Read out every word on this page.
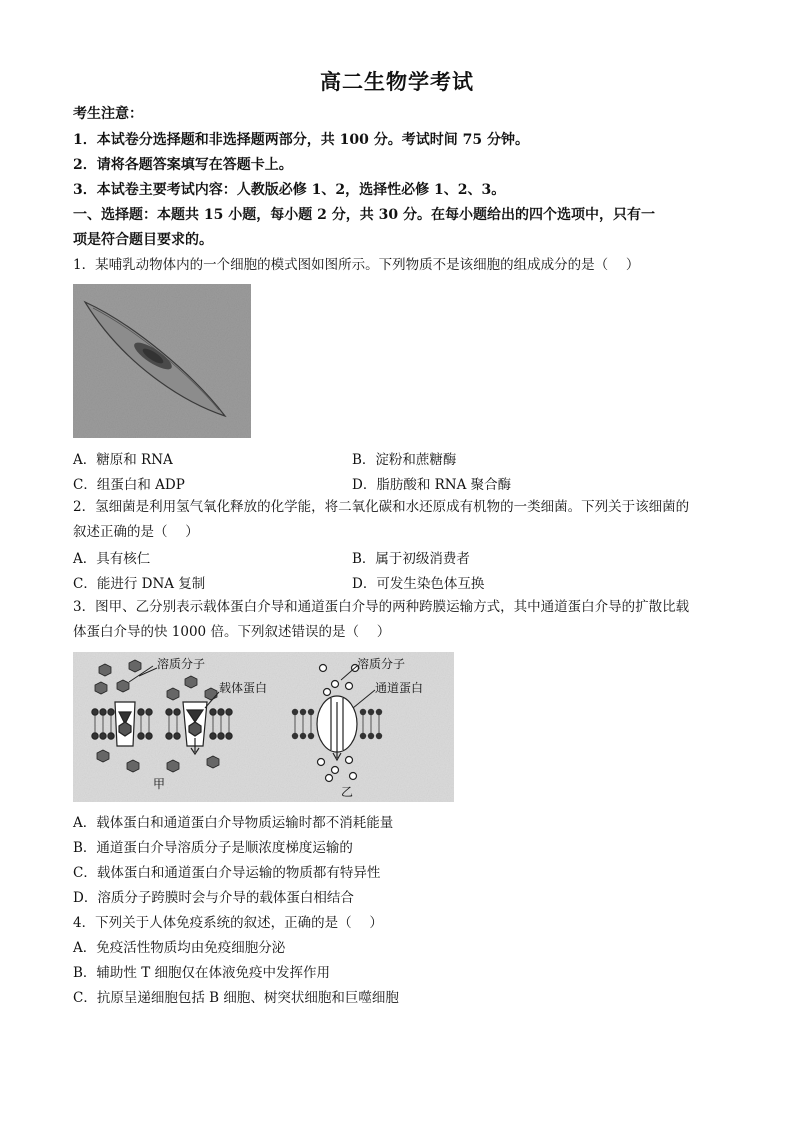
高二生物学考试
考生注意：
1．本试卷分选择题和非选择题两部分，共 100 分。考试时间 75 分钟。
2．请将各题答案填写在答题卡上。
3．本试卷主要考试内容：人教版必修 1、2，选择性必修 1、2、3。
一、选择题：本题共 15 小题，每小题 2 分，共 30 分。在每小题给出的四个选项中，只有一
项是符合题目要求的。
1．某哺乳动物体内的一个细胞的模式图如图所示。下列物质不是该细胞的组成成分的是（　 ）
A．糖原和 RNA	B．淀粉和蔗糖酶
C．组蛋白和 ADP	D．脂肪酸和 RNA 聚合酶
2．氢细菌是利用氢气氧化释放的化学能，将二氧化碳和水还原成有机物的一类细菌。下列关于该细菌的
叙述正确的是（　 ）
A．具有核仁	B．属于初级消费者
C．能进行 DNA 复制	D．可发生染色体互换
3．图甲、乙分别表示载体蛋白介导和通道蛋白介导的两种跨膜运输方式，其中通道蛋白介导的扩散比载
体蛋白介导的快 1000 倍。下列叙述错误的是（　 ）
溶质分子
载体蛋白
甲
溶质分子
通道蛋白
乙
A．载体蛋白和通道蛋白介导物质运输时都不消耗能量
B．通道蛋白介导溶质分子是顺浓度梯度运输的
C．载体蛋白和通道蛋白介导运输的物质都有特异性
D．溶质分子跨膜时会与介导的载体蛋白相结合
4．下列关于人体免疫系统的叙述，正确的是（　 ）
A．免疫活性物质均由免疫细胞分泌
B．辅助性 T 细胞仅在体液免疫中发挥作用
C．抗原呈递细胞包括 B 细胞、树突状细胞和巨噬细胞
